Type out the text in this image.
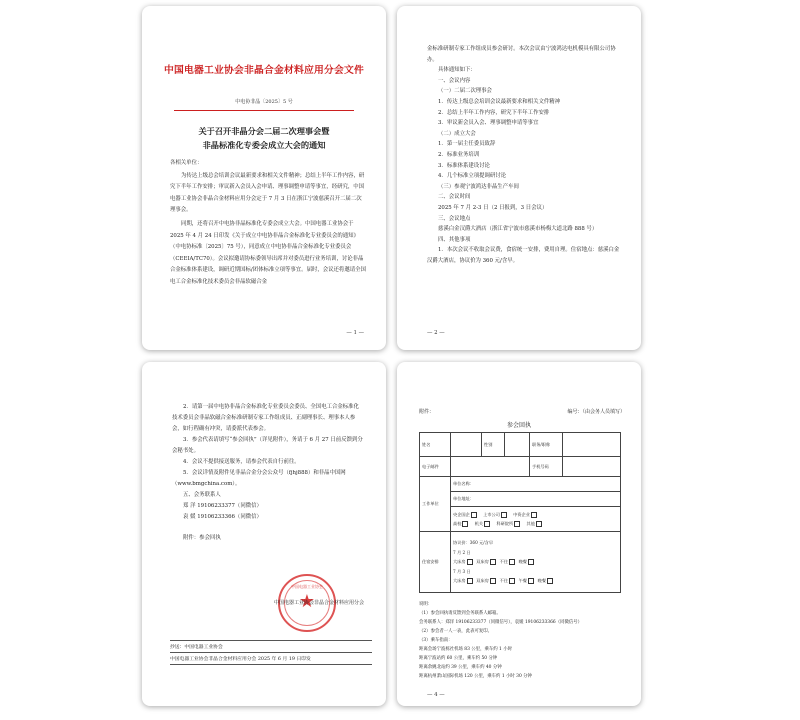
中国电器工业协会非晶合金材料应用分会文件
中电协非晶〔2025〕5 号
关于召开非晶分会二届二次理事会暨
非晶标准化专委会成立大会的通知

各相关单位：

为传达上级总会培训会议最新要求和相关文件精神；总结上半年工作内容，研究下半年工作安排；审议新入会员入会申请、理事调整申请等事宜，经研究，中国电器工业协会非晶合金材料应用分会定于 7 月 3 日在浙江宁波慈溪召开二届二次理事会。

同期，还将召开中电协非晶标准化专委会成立大会。中国电器工业协会于 2025 年 4 月 24 日印发《关于成立中电协非晶合金标准化专业委员会的通知》（中电协标准〔2025〕75 号），同意成立中电协非晶合金标准化专业委员会（CEEIA/TC70）。会议拟邀请协标委领导出席并对委员进行业务培训，讨论非晶合金标准体系建设，调研近期国标/团体标准立项等事宜。届时，会议还将邀请全国电工合金标准化技术委员会非晶软磁合金

— 1 —

金标准研制专家工作组成员参会研讨。本次会议由宁波鸿达电机模具有限公司协办。

具体通知如下：

一、会议内容

（一）二届二次理事会

1．传达上级总会培训会议最新要求和相关文件精神

2．总结上半年工作内容，研究下半年工作安排

3．审议新会员入会、理事调整申请等事宜

（二）成立大会

1．第一届主任委员致辞

2．标准业务培训

3．标准体系建设讨论

4．几个标准立项提调研讨论

（三）参观宁波鸿达非晶生产车间

二、会议时间

2025 年 7 月 2-3 日（2 日报到，3 日会议）

三、会议地点

慈溪白金汉爵大酒店（浙江省宁波市慈溪市杨梅大道北路 888 号）

四、其他事项

1．本次会议不收取会议费，食宿统一安排，费用自理。住宿地点：慈溪白金汉爵大酒店，协议价为 360 元/含早。

— 2 —

2．请第一届中电协非晶合金标准化专业委员会委员、全国电工合金标准化技术委员会非晶软磁合金标准研制专家工作组成员、正副理事长、理事本人参会，如行程确有冲突，请委派代表参会。

3．参会代表请填写“参会回执”（详见附件），务请于 6 月 27 日前反馈到分会秘书处。

4．会议不提供接送服务，请参会代表自行前往。

5．会议详情及附件见非晶合金分会公众号（fjhj888）和非晶中国网（www.bmgchina.com）。

五、会务联系人

郑 洋 19106233377（同微信）

袁 媛 19106233366（同微信）

附件：参会回执

中国电器工业协会
★
中国电器工业协会非晶合金材料应用分会
抄送：中国电器工业协会
中国电器工业协会非晶合金材料应用分会 2025 年 6 月 19 日印发
附件：	编号：（由会务人员填写）
参会回执
姓名		性别		职务/职称	
电子邮件				手机号码	
工作单位	单位名称：				
	单位地址：				
	央企国企 上市公司 中资企业
高校 机关 科研院所 其他				
住宿安排	协议价：360 元/含早
7 月 2 日
大床房 双床房 不住 晚餐
7 月 3 日
大床房 双床房 不住 午餐 晚餐				
说明：
（1）参会回执请反馈到会务联系人邮箱。
会务联系人：郑洋 19106233377（同微信号），袁媛 19106233366（同微信号）
（2）参会者一人一表，此表可复印。
（3）乘车指南：
距离会场宁波栎社机场 83 公里，乘车约 1 小时
距离宁波站约 60 公里，乘车约 50 分钟
距离余姚北站约 39 公里，乘车约 40 分钟
距离杭州萧山国际机场 120 公里，乘车约 1 小时 30 分钟
— 4 —
